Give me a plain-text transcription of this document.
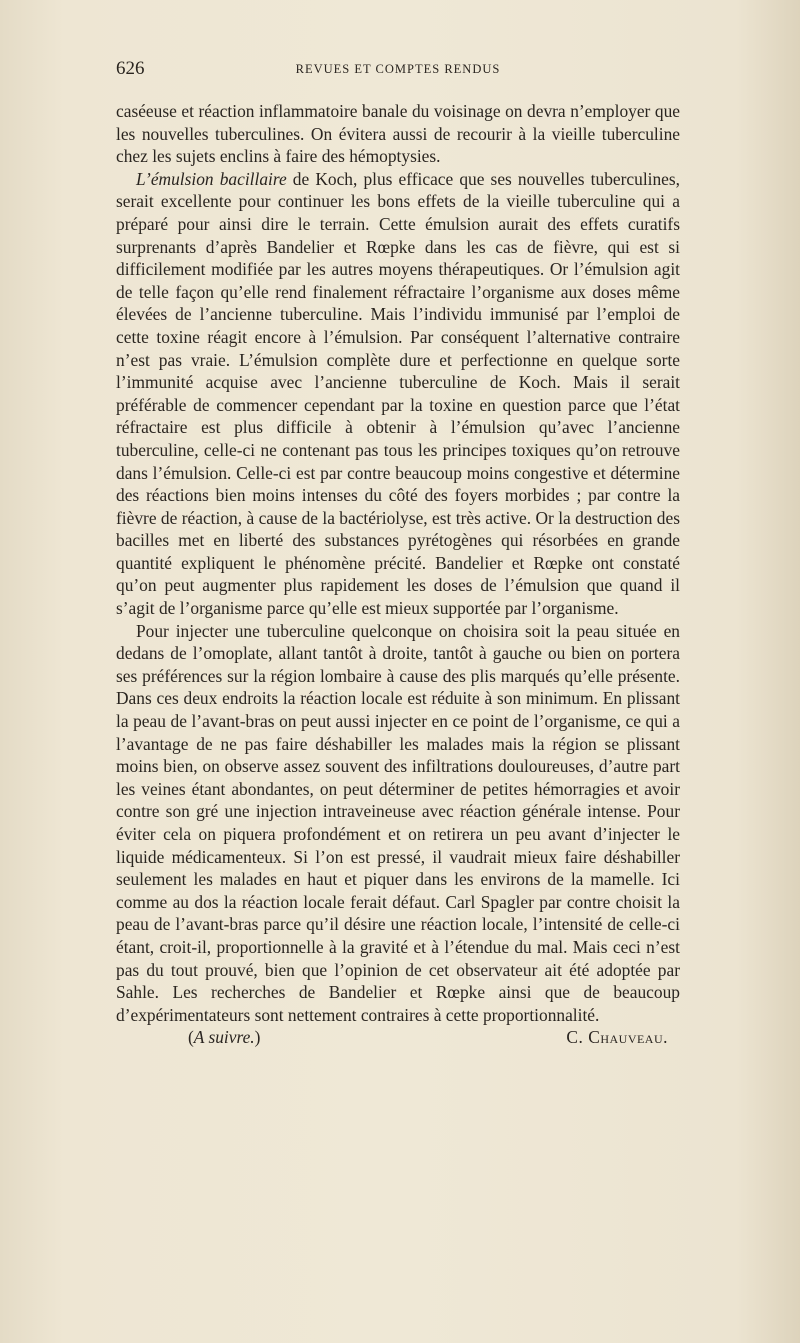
626	REVUES ET COMPTES RENDUS

caséeuse et réaction inflammatoire banale du voisinage on devra n’employer que les nouvelles tuberculines. On évitera aussi de recourir à la vieille tuberculine chez les sujets enclins à faire des hémoptysies.

L’émulsion bacillaire de Koch, plus efficace que ses nouvelles tuberculines, serait excellente pour continuer les bons effets de la vieille tuberculine qui a préparé pour ainsi dire le terrain. Cette émulsion aurait des effets curatifs surprenants d’après Bandelier et Rœpke dans les cas de fièvre, qui est si difficilement modifiée par les autres moyens thérapeutiques. Or l’émulsion agit de telle façon qu’elle rend finalement réfractaire l’organisme aux doses même élevées de l’ancienne tuberculine. Mais l’individu immunisé par l’emploi de cette toxine réagit encore à l’émulsion. Par conséquent l’alternative contraire n’est pas vraie. L’émulsion complète dure et perfectionne en quelque sorte l’immunité acquise avec l’ancienne tuberculine de Koch. Mais il serait préférable de commencer cependant par la toxine en question parce que l’état réfractaire est plus difficile à obtenir à l’émulsion qu’avec l’ancienne tuberculine, celle-ci ne contenant pas tous les principes toxiques qu’on retrouve dans l’émulsion. Celle-ci est par contre beaucoup moins congestive et détermine des réactions bien moins intenses du côté des foyers morbides ; par contre la fièvre de réaction, à cause de la bactériolyse, est très active. Or la destruction des bacilles met en liberté des substances pyrétogènes qui résorbées en grande quantité expliquent le phénomène précité. Bandelier et Rœpke ont constaté qu’on peut augmenter plus rapidement les doses de l’émulsion que quand il s’agit de l’organisme parce qu’elle est mieux supportée par l’organisme.

Pour injecter une tuberculine quelconque on choisira soit la peau située en dedans de l’omoplate, allant tantôt à droite, tantôt à gauche ou bien on portera ses préférences sur la région lombaire à cause des plis marqués qu’elle présente. Dans ces deux endroits la réaction locale est réduite à son minimum. En plissant la peau de l’avant-bras on peut aussi injecter en ce point de l’organisme, ce qui a l’avantage de ne pas faire déshabiller les malades mais la région se plissant moins bien, on observe assez souvent des infiltrations douloureuses, d’autre part les veines étant abondantes, on peut déterminer de petites hémorragies et avoir contre son gré une injection intraveineuse avec réaction générale intense. Pour éviter cela on piquera profondément et on retirera un peu avant d’injecter le liquide médicamenteux. Si l’on est pressé, il vaudrait mieux faire déshabiller seulement les malades en haut et piquer dans les environs de la mamelle. Ici comme au dos la réaction locale ferait défaut. Carl Spagler par contre choisit la peau de l’avant-bras parce qu’il désire une réaction locale, l’intensité de celle-ci étant, croit-il, proportionnelle à la gravité et à l’étendue du mal. Mais ceci n’est pas du tout prouvé, bien que l’opinion de cet observateur ait été adoptée par Sahle. Les recherches de Bandelier et Rœpke ainsi que de beaucoup d’expérimentateurs sont nettement contraires à cette proportionnalité.

(A suivre.)	C. Chauveau.
